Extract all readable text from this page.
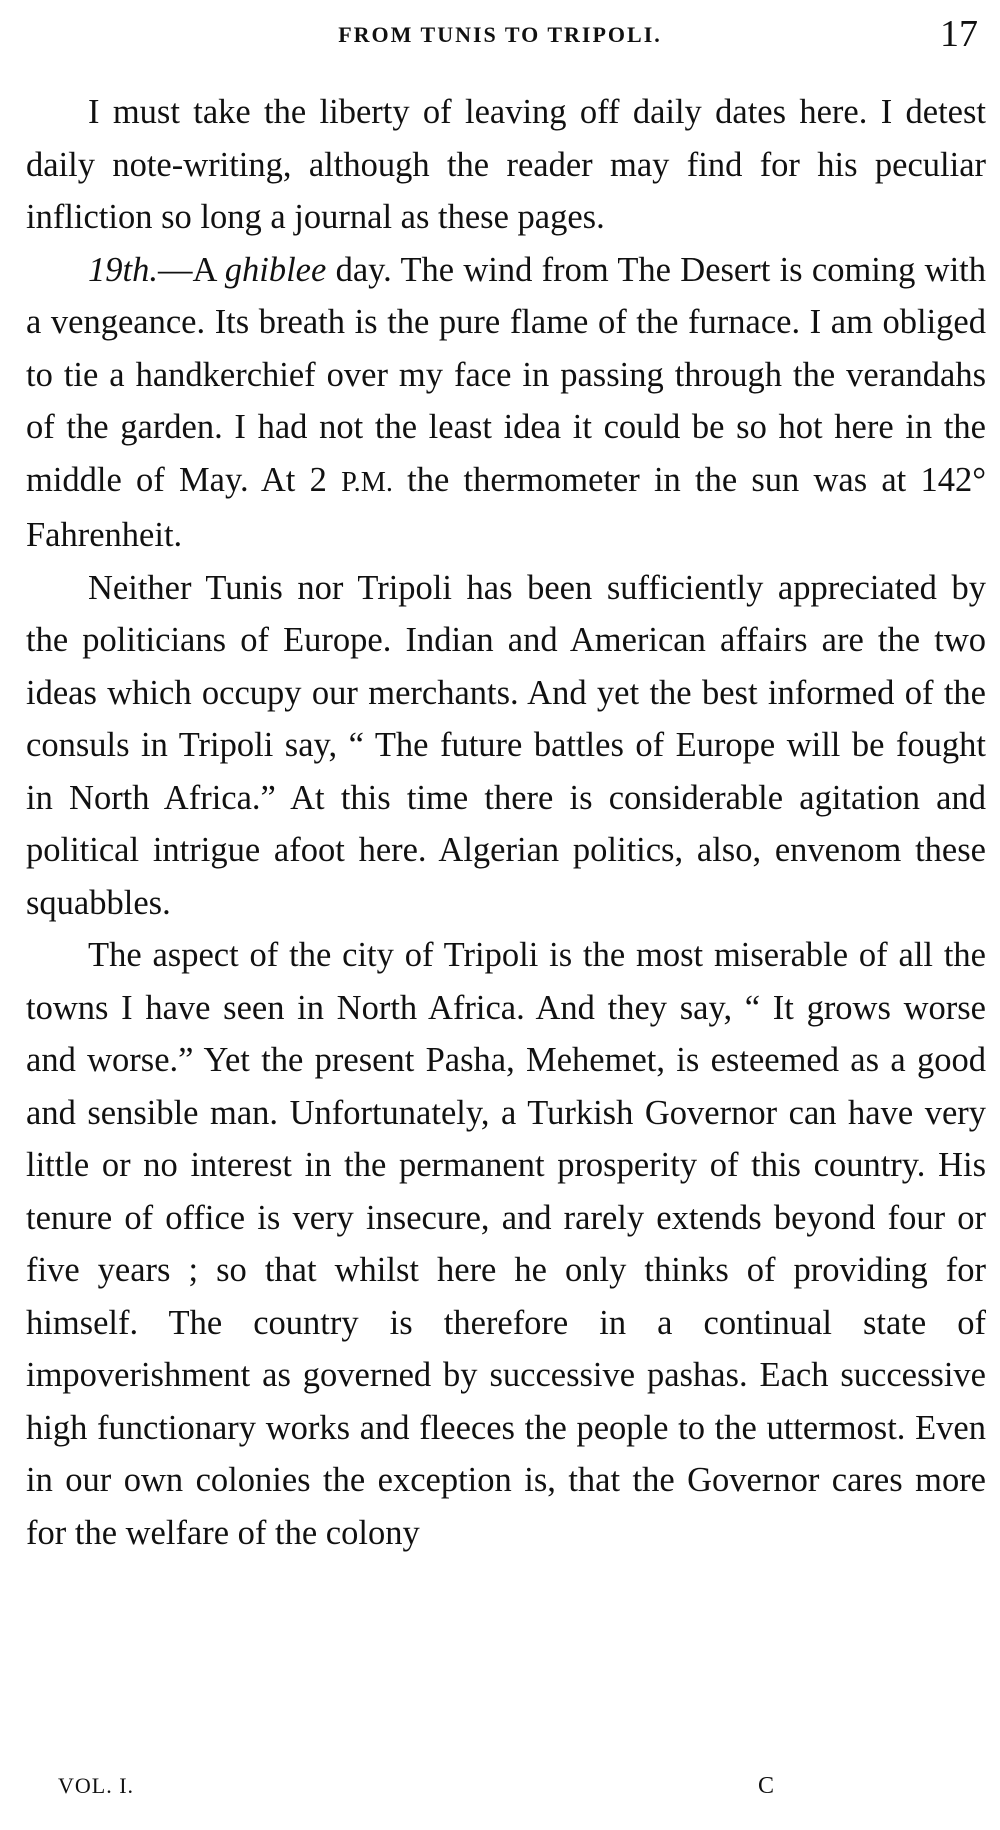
FROM TUNIS TO TRIPOLI.	17

I must take the liberty of leaving off daily dates here. I detest daily note-writing, although the reader may find for his peculiar infliction so long a journal as these pages.

19th.—A ghiblee day. The wind from The Desert is coming with a vengeance. Its breath is the pure flame of the furnace. I am obliged to tie a handkerchief over my face in passing through the verandahs of the garden. I had not the least idea it could be so hot here in the middle of May. At 2 P.M. the thermometer in the sun was at 142° Fahrenheit.

Neither Tunis nor Tripoli has been sufficiently appreciated by the politicians of Europe. Indian and American affairs are the two ideas which occupy our merchants. And yet the best informed of the consuls in Tripoli say, “ The future battles of Europe will be fought in North Africa.” At this time there is considerable agitation and political intrigue afoot here. Algerian politics, also, envenom these squabbles.

The aspect of the city of Tripoli is the most miserable of all the towns I have seen in North Africa. And they say, “ It grows worse and worse.” Yet the present Pasha, Mehemet, is esteemed as a good and sensible man. Unfortunately, a Turkish Governor can have very little or no interest in the permanent prosperity of this country. His tenure of office is very insecure, and rarely extends beyond four or five years ; so that whilst here he only thinks of providing for himself. The country is therefore in a continual state of impoverishment as governed by successive pashas. Each successive high functionary works and fleeces the people to the uttermost. Even in our own colonies the exception is, that the Governor cares more for the welfare of the colony

VOL. I.	C
